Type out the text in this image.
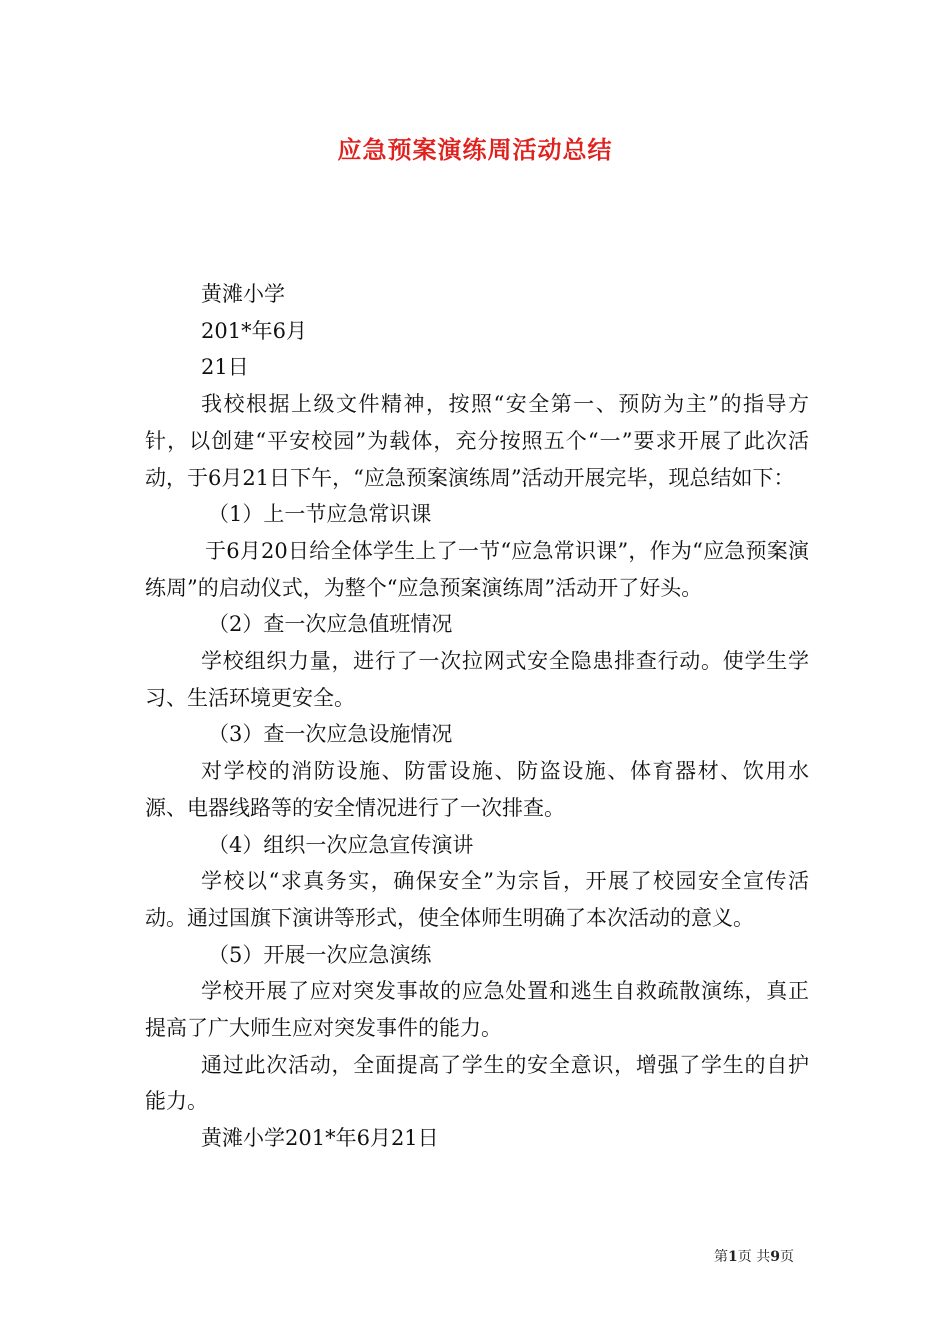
应急预案演练周活动总结

黄滩小学

201*年6月

21日

我校根据上级文件精神，按照“安全第一、预防为主”的指导方针，以创建“平安校园”为载体，充分按照五个“一”要求开展了此次活动，于6月21日下午，“应急预案演练周”活动开展完毕，现总结如下：

（1）上一节应急常识课

于6月20日给全体学生上了一节“应急常识课”，作为“应急预案演练周”的启动仪式，为整个“应急预案演练周”活动开了好头。

（2）查一次应急值班情况

学校组织力量，进行了一次拉网式安全隐患排查行动。使学生学习、生活环境更安全。

（3）查一次应急设施情况

对学校的消防设施、防雷设施、防盗设施、体育器材、饮用水源、电器线路等的安全情况进行了一次排查。

（4）组织一次应急宣传演讲

学校以“求真务实，确保安全”为宗旨，开展了校园安全宣传活动。通过国旗下演讲等形式，使全体师生明确了本次活动的意义。

（5）开展一次应急演练

学校开展了应对突发事故的应急处置和逃生自救疏散演练，真正提高了广大师生应对突发事件的能力。

通过此次活动，全面提高了学生的安全意识，增强了学生的自护能力。

黄滩小学201*年6月21日

第1页 共9页
